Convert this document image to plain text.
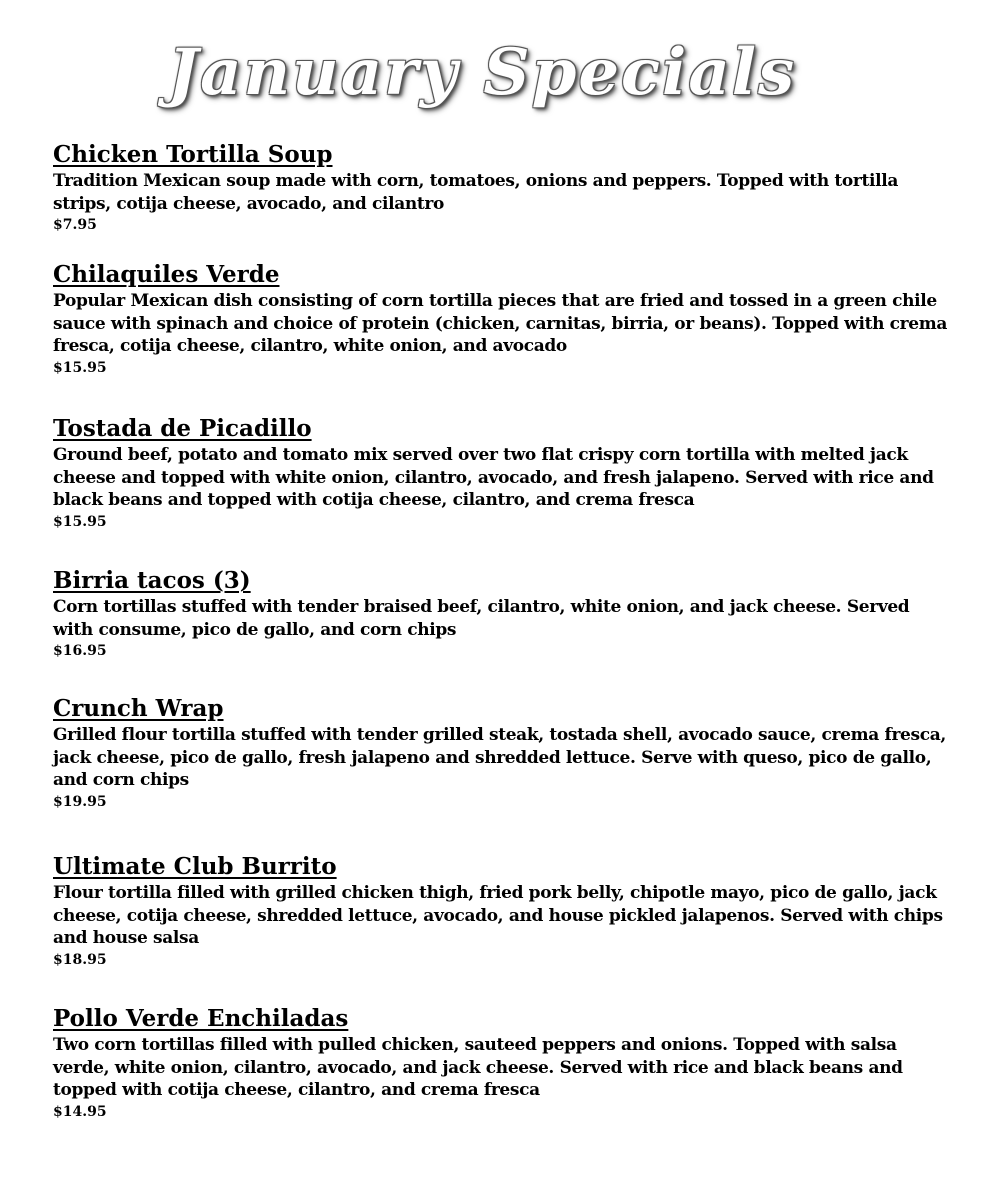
January Specials
Chicken Tortilla Soup
Tradition Mexican soup made with corn, tomatoes, onions and peppers. Topped with tortilla strips, cotija cheese, avocado, and cilantro
$7.95
Chilaquiles Verde
Popular Mexican dish consisting of corn tortilla pieces that are fried and tossed in a green chile sauce with spinach and choice of protein (chicken, carnitas, birria, or beans). Topped with crema fresca, cotija cheese, cilantro, white onion, and avocado
$15.95
Tostada de Picadillo
Ground beef, potato and tomato mix served over two flat crispy corn tortilla with melted jack cheese and topped with white onion, cilantro, avocado, and fresh jalapeno. Served with rice and black beans and topped with cotija cheese, cilantro, and crema fresca
$15.95
Birria tacos (3)
Corn tortillas stuffed with tender braised beef, cilantro, white onion, and jack cheese. Served with consume, pico de gallo, and corn chips
$16.95
Crunch Wrap
Grilled flour tortilla stuffed with tender grilled steak, tostada shell, avocado sauce, crema fresca, jack cheese, pico de gallo, fresh jalapeno and shredded lettuce. Serve with queso, pico de gallo, and corn chips
$19.95
Ultimate Club Burrito
Flour tortilla filled with grilled chicken thigh, fried pork belly, chipotle mayo, pico de gallo, jack cheese, cotija cheese, shredded lettuce, avocado, and house pickled jalapenos. Served with chips and house salsa
$18.95
Pollo Verde Enchiladas
Two corn tortillas filled with pulled chicken, sauteed peppers and onions. Topped with salsa verde, white onion, cilantro, avocado, and jack cheese. Served with rice and black beans and topped with cotija cheese, cilantro, and crema fresca
$14.95
